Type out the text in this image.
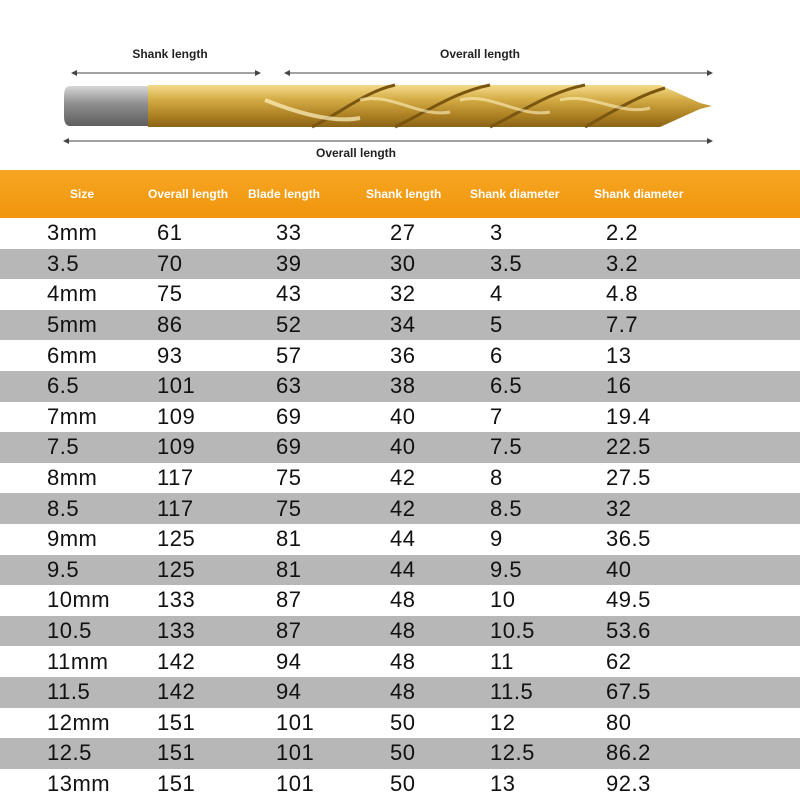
Shank length	Overall length
Overall length
Size	Overall length	Blade length	Shank length	Shank diameter	Shank diameter
3mm	61	33	27	3	2.2
3.5	70	39	30	3.5	3.2
4mm	75	43	32	4	4.8
5mm	86	52	34	5	7.7
6mm	93	57	36	6	13
6.5	101	63	38	6.5	16
7mm	109	69	40	7	19.4
7.5	109	69	40	7.5	22.5
8mm	117	75	42	8	27.5
8.5	117	75	42	8.5	32
9mm	125	81	44	9	36.5
9.5	125	81	44	9.5	40
10mm	133	87	48	10	49.5
10.5	133	87	48	10.5	53.6
11mm	142	94	48	11	62
11.5	142	94	48	11.5	67.5
12mm	151	101	50	12	80
12.5	151	101	50	12.5	86.2
13mm	151	101	50	13	92.3
